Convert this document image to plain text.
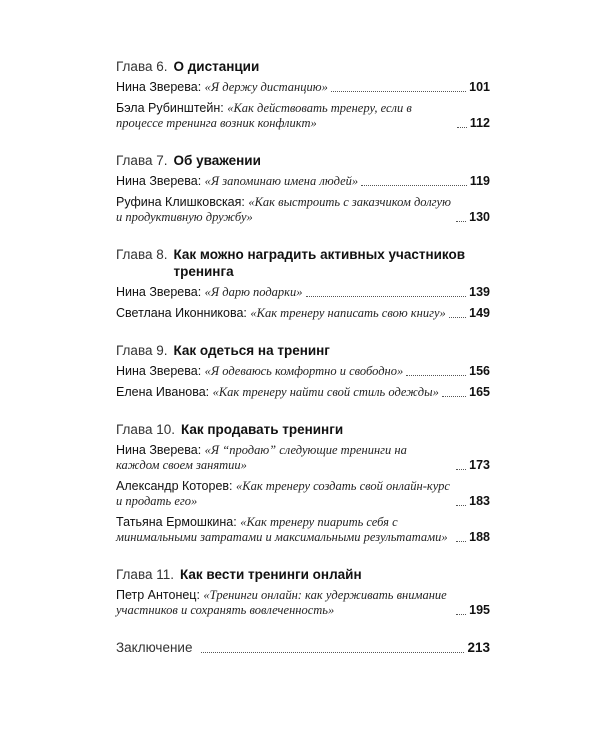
Глава 6. О дистанции
Нина Зверева: «Я держу дистанцию»	101
Бэла Рубинштейн: «Как действовать тренеру, если в процессе тренинга возник конфликт»	112
Глава 7. Об уважении
Нина Зверева: «Я запоминаю имена людей»	119
Руфина Клишковская: «Как выстроить с заказчиком долгую и продуктивную дружбу»	130
Глава 8. Как можно наградить активных участников тренинга
Нина Зверева: «Я дарю подарки»	139
Светлана Иконникова: «Как тренеру написать свою книгу» 149
Глава 9. Как одеться на тренинг
Нина Зверева: «Я одеваюсь комфортно и свободно»	156
Елена Иванова: «Как тренеру найти свой стиль одежды» 165
Глава 10. Как продавать тренинги
Нина Зверева: «Я “продаю” следующие тренинги на каждом своем занятии»	173
Александр Которев: «Как тренеру создать свой онлайн-курс и продать его»	183
Татьяна Ермошкина: «Как тренеру пиарить себя с минимальными затратами и максимальными результатами»	188
Глава 11. Как вести тренинги онлайн
Петр Антонец: «Тренинги онлайн: как удерживать внимание участников и сохранять вовлеченность»	195
Заключение	213
